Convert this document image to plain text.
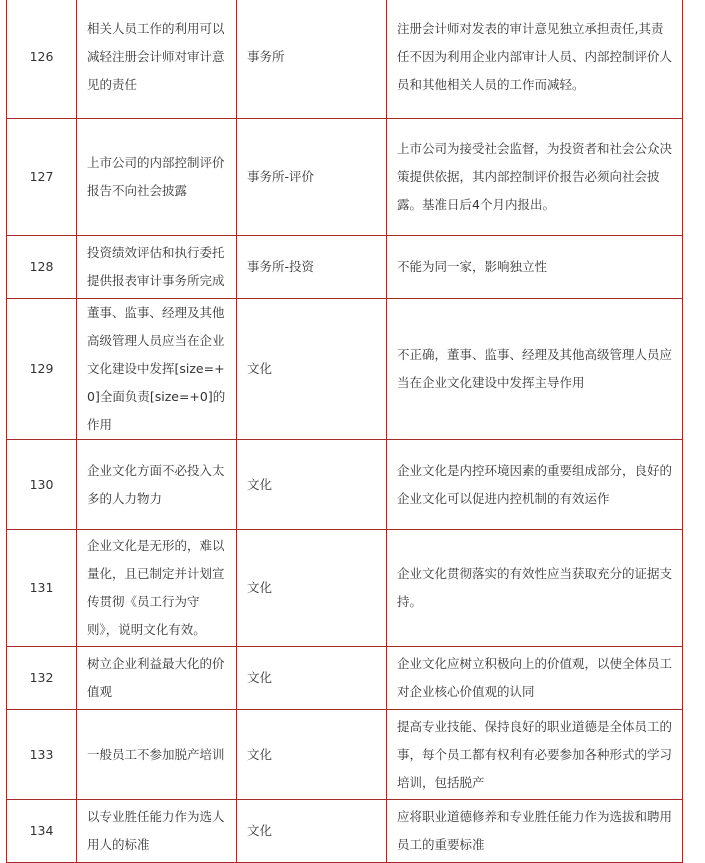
126	相关人员工作的利用可以减轻注册会计师对审计意见的责任	事务所	注册会计师对发表的审计意见独立承担责任,其责任不因为利用企业内部审计人员、内部控制评价人员和其他相关人员的工作而减轻。
127	上市公司的内部控制评价报告不向社会披露	事务所-评价	上市公司为接受社会监督，为投资者和社会公众决策提供依据，其内部控制评价报告必须向社会披露。基准日后4个月内报出。
128	投资绩效评估和执行委托提供报表审计事务所完成	事务所-投资	不能为同一家，影响独立性
129	董事、监事、经理及其他高级管理人员应当在企业文化建设中发挥[size=+0]全面负责[size=+0]的作用	文化	不正确，董事、监事、经理及其他高级管理人员应当在企业文化建设中发挥主导作用
130	企业文化方面不必投入太多的人力物力	文化	企业文化是内控环境因素的重要组成部分，良好的企业文化可以促进内控机制的有效运作
131	企业文化是无形的，难以量化，且已制定并计划宣传贯彻《员工行为守则》，说明文化有效。	文化	企业文化贯彻落实的有效性应当获取充分的证据支持。
132	树立企业利益最大化的价值观	文化	企业文化应树立积极向上的价值观，以使全体员工对企业核心价值观的认同
133	一般员工不参加脱产培训	文化	提高专业技能、保持良好的职业道德是全体员工的事，每个员工都有权利有必要参加各种形式的学习培训，包括脱产
134	以专业胜任能力作为选人用人的标准	文化	应将职业道德修养和专业胜任能力作为选拔和聘用员工的重要标准
